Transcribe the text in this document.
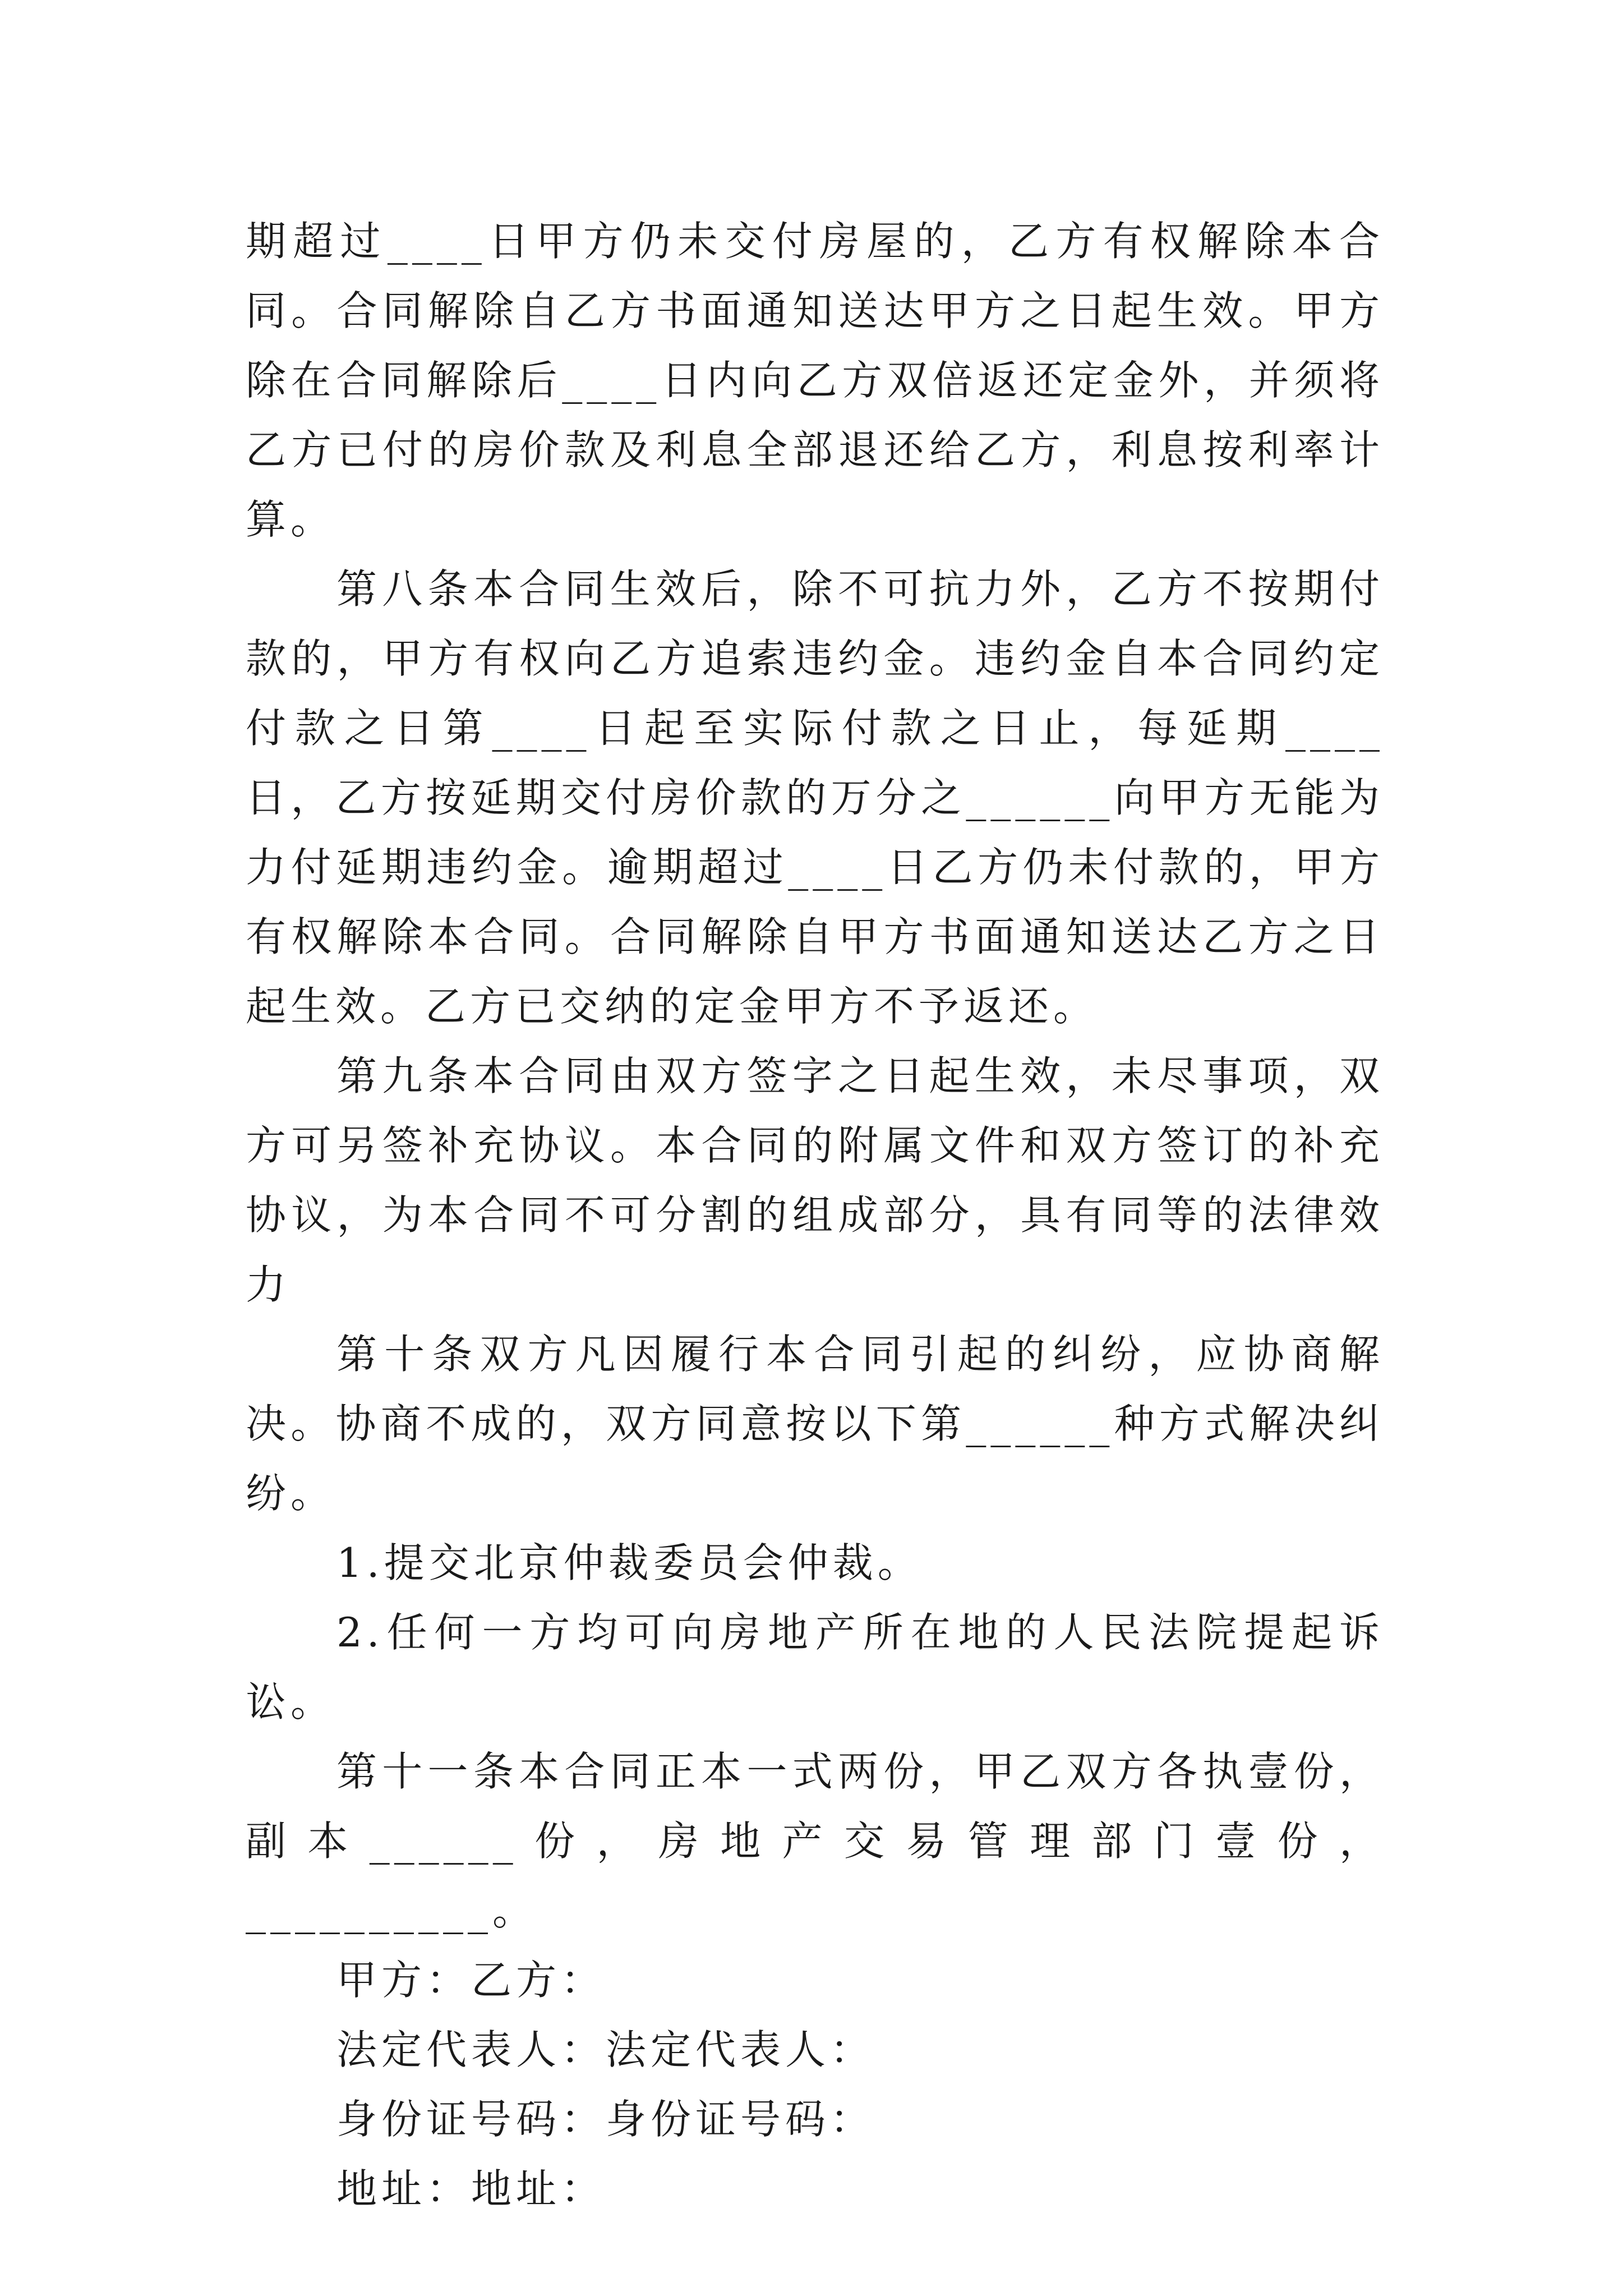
期超过____日甲方仍未交付房屋的，乙方有权解除本合同。合同解除自乙方书面通知送达甲方之日起生效。甲方除在合同解除后____日内向乙方双倍返还定金外，并须将乙方已付的房价款及利息全部退还给乙方，利息按利率计算。

第八条本合同生效后，除不可抗力外，乙方不按期付款的，甲方有权向乙方追索违约金。违约金自本合同约定付款之日第____日起至实际付款之日止，每延期____日，乙方按延期交付房价款的万分之______向甲方无能为力付延期违约金。逾期超过____日乙方仍未付款的，甲方有权解除本合同。合同解除自甲方书面通知送达乙方之日起生效。乙方已交纳的定金甲方不予返还。

第九条本合同由双方签字之日起生效，未尽事项，双方可另签补充协议。本合同的附属文件和双方签订的补充协议，为本合同不可分割的组成部分，具有同等的法律效力

第十条双方凡因履行本合同引起的纠纷，应协商解决。协商不成的，双方同意按以下第______种方式解决纠纷。

1.提交北京仲裁委员会仲裁。

2.任何一方均可向房地产所在地的人民法院提起诉讼。

第十一条本合同正本一式两份，甲乙双方各执壹份，副本______份，房地产交易管理部门壹份，__________。

甲方：乙方：

法定代表人：法定代表人：

身份证号码：身份证号码：

地址：地址：
